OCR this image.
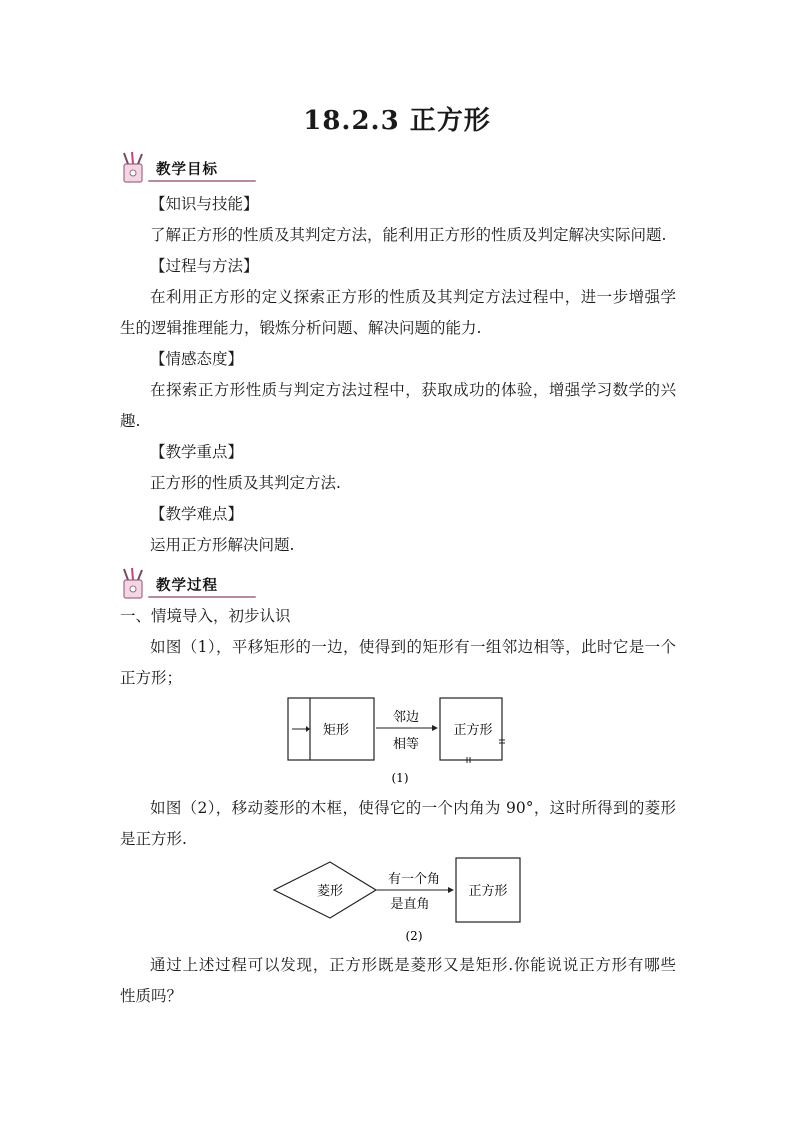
18.2.3 正方形
教学目标
【知识与技能】
了解正方形的性质及其判定方法，能利用正方形的性质及判定解决实际问题.
【过程与方法】
在利用正方形的定义探索正方形的性质及其判定方法过程中，进一步增强学
生的逻辑推理能力，锻炼分析问题、解决问题的能力.
【情感态度】
在探索正方形性质与判定方法过程中，获取成功的体验，增强学习数学的兴
趣.
【教学重点】
正方形的性质及其判定方法.
【教学难点】
运用正方形解决问题.
教学过程
一、情境导入，初步认识
如图（1），平移矩形的一边，使得到的矩形有一组邻边相等，此时它是一个
正方形；
矩形
邻边
相等
正方形
(1)
如图（2），移动菱形的木框，使得它的一个内角为 90°，这时所得到的菱形
是正方形.
菱形
有一个角
是直角
正方形
(2)
通过上述过程可以发现，正方形既是菱形又是矩形.你能说说正方形有哪些
性质吗？
